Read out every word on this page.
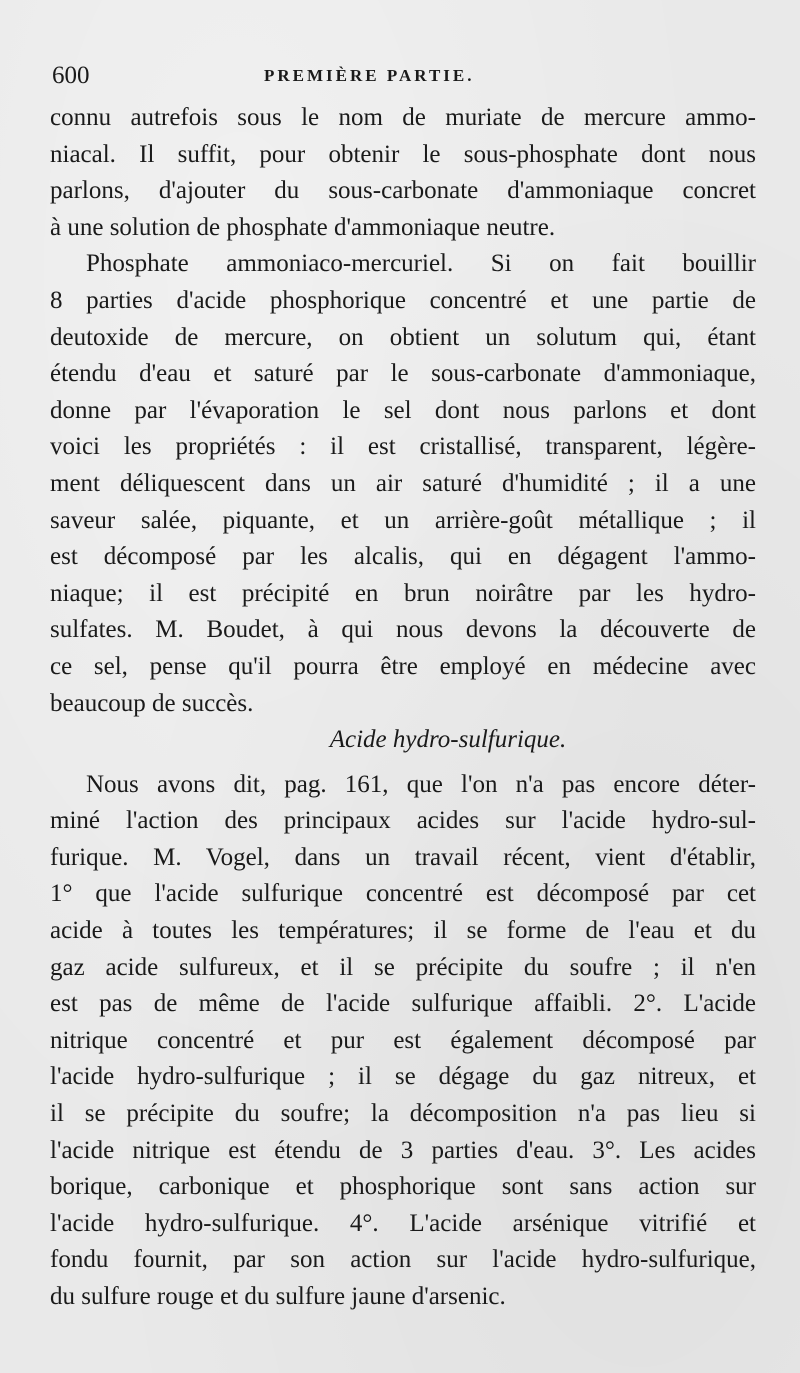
600	PREMIÈRE PARTIE.
connu autrefois sous le nom de muriate de mercure ammo-
niacal. Il suffit, pour obtenir le sous-phosphate dont nous
parlons, d'ajouter du sous-carbonate d'ammoniaque concret
à une solution de phosphate d'ammoniaque neutre.
Phosphate ammoniaco-mercuriel. Si on fait bouillir
8 parties d'acide phosphorique concentré et une partie de
deutoxide de mercure, on obtient un solutum qui, étant
étendu d'eau et saturé par le sous-carbonate d'ammoniaque,
donne par l'évaporation le sel dont nous parlons et dont
voici les propriétés : il est cristallisé, transparent, légère-
ment déliquescent dans un air saturé d'humidité ; il a une
saveur salée, piquante, et un arrière-goût métallique ; il
est décomposé par les alcalis, qui en dégagent l'ammo-
niaque; il est précipité en brun noirâtre par les hydro-
sulfates. M. Boudet, à qui nous devons la découverte de
ce sel, pense qu'il pourra être employé en médecine avec
beaucoup de succès.
Acide hydro-sulfurique.
Nous avons dit, pag. 161, que l'on n'a pas encore déter-
miné l'action des principaux acides sur l'acide hydro-sul-
furique. M. Vogel, dans un travail récent, vient d'établir,
1° que l'acide sulfurique concentré est décomposé par cet
acide à toutes les températures; il se forme de l'eau et du
gaz acide sulfureux, et il se précipite du soufre ; il n'en
est pas de même de l'acide sulfurique affaibli. 2°. L'acide
nitrique concentré et pur est également décomposé par
l'acide hydro-sulfurique ; il se dégage du gaz nitreux, et
il se précipite du soufre; la décomposition n'a pas lieu si
l'acide nitrique est étendu de 3 parties d'eau. 3°. Les acides
borique, carbonique et phosphorique sont sans action sur
l'acide hydro-sulfurique. 4°. L'acide arsénique vitrifié et
fondu fournit, par son action sur l'acide hydro-sulfurique,
du sulfure rouge et du sulfure jaune d'arsenic.
